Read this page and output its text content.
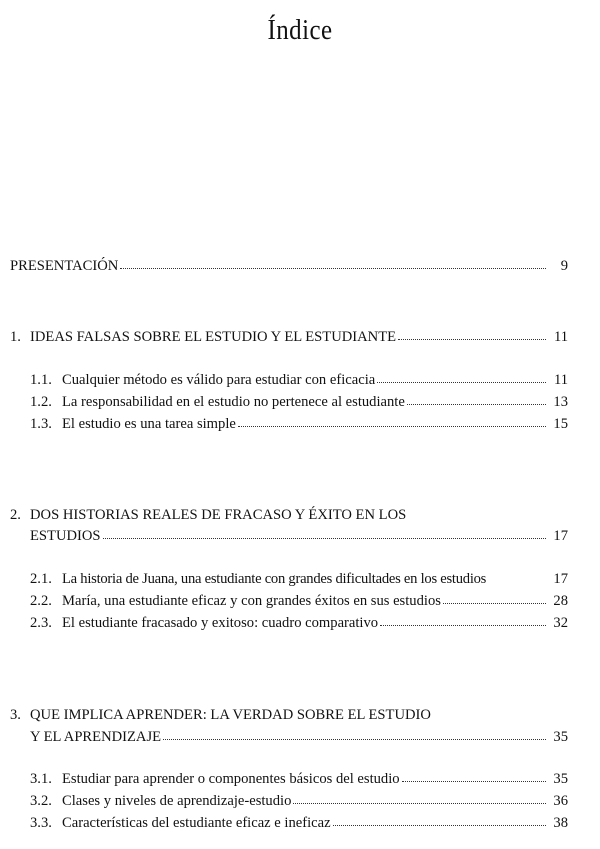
Índice
PRESENTACIÓN	9
1. IDEAS FALSAS SOBRE EL ESTUDIO Y EL ESTUDIANTE	11
1.1. Cualquier método es válido para estudiar con eficacia	11
1.2. La responsabilidad en el estudio no pertenece al estudiante	13
1.3. El estudio es una tarea simple	15
2. DOS HISTORIAS REALES DE FRACASO Y ÉXITO EN LOS
ESTUDIOS	17
2.1. La historia de Juana, una estudiante con grandes dificultades en los estudios	17
2.2. María, una estudiante eficaz y con grandes éxitos en sus estudios	28
2.3. El estudiante fracasado y exitoso: cuadro comparativo	32
3. QUE IMPLICA APRENDER: LA VERDAD SOBRE EL ESTUDIO
Y EL APRENDIZAJE	35
3.1. Estudiar para aprender o componentes básicos del estudio	35
3.2. Clases y niveles de aprendizaje-estudio	36
3.3. Características del estudiante eficaz e ineficaz	38
